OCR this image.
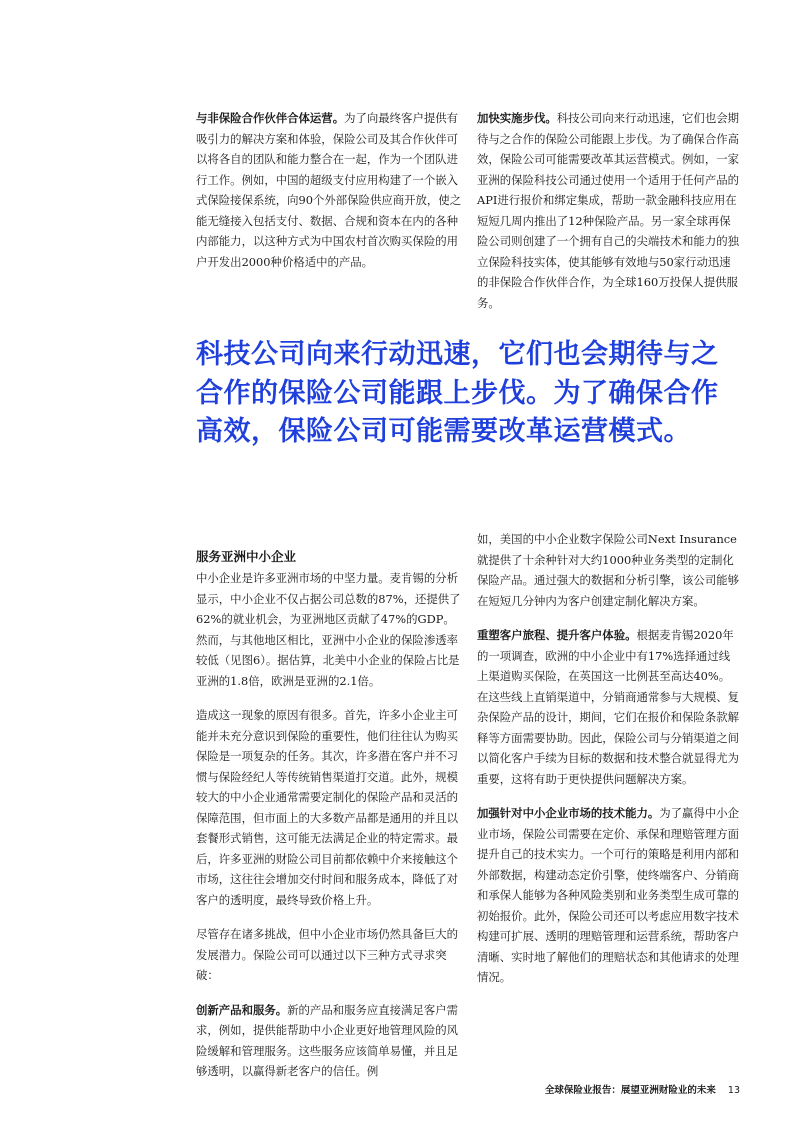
与非保险合作伙伴合体运营。为了向最终客户提供有吸引力的解决方案和体验，保险公司及其合作伙伴可以将各自的团队和能力整合在一起，作为一个团队进行工作。例如，中国的超级支付应用构建了一个嵌入式保险接保系统，向90个外部保险供应商开放，使之能无缝接入包括支付、数据、合规和资本在内的各种内部能力，以这种方式为中国农村首次购买保险的用户开发出2000种价格适中的产品。

加快实施步伐。科技公司向来行动迅速，它们也会期待与之合作的保险公司能跟上步伐。为了确保合作高效，保险公司可能需要改革其运营模式。例如，一家亚洲的保险科技公司通过使用一个适用于任何产品的API进行报价和绑定集成，帮助一款金融科技应用在短短几周内推出了12种保险产品。另一家全球再保险公司则创建了一个拥有自己的尖端技术和能力的独立保险科技实体，使其能够有效地与50家行动迅速的非保险合作伙伴合作，为全球160万投保人提供服务。

科技公司向来行动迅速，它们也会期待与之合作的保险公司能跟上步伐。为了确保合作高效，保险公司可能需要改革运营模式。

服务亚洲中小企业

中小企业是许多亚洲市场的中坚力量。麦肯锡的分析显示，中小企业不仅占据公司总数的87%，还提供了62%的就业机会，为亚洲地区贡献了47%的GDP。然而，与其他地区相比，亚洲中小企业的保险渗透率较低（见图6）。据估算，北美中小企业的保险占比是亚洲的1.8倍，欧洲是亚洲的2.1倍。

造成这一现象的原因有很多。首先，许多小企业主可能并未充分意识到保险的重要性，他们往往认为购买保险是一项复杂的任务。其次，许多潜在客户并不习惯与保险经纪人等传统销售渠道打交道。此外，规模较大的中小企业通常需要定制化的保险产品和灵活的保障范围，但市面上的大多数产品都是通用的并且以套餐形式销售，这可能无法满足企业的特定需求。最后，许多亚洲的财险公司目前都依赖中介来接触这个市场，这往往会增加交付时间和服务成本，降低了对客户的透明度，最终导致价格上升。

尽管存在诸多挑战，但中小企业市场仍然具备巨大的发展潜力。保险公司可以通过以下三种方式寻求突破：

创新产品和服务。新的产品和服务应直接满足客户需求，例如，提供能帮助中小企业更好地管理风险的风险缓解和管理服务。这些服务应该简单易懂，并且足够透明，以赢得新老客户的信任。例

如，美国的中小企业数字保险公司Next Insurance就提供了十余种针对大约1000种业务类型的定制化保险产品。通过强大的数据和分析引擎，该公司能够在短短几分钟内为客户创建定制化解决方案。

重塑客户旅程、提升客户体验。根据麦肯锡2020年的一项调查，欧洲的中小企业中有17%选择通过线上渠道购买保险，在英国这一比例甚至高达40%。在这些线上直销渠道中，分销商通常参与大规模、复杂保险产品的设计，期间，它们在报价和保险条款解释等方面需要协助。因此，保险公司与分销渠道之间以简化客户手续为目标的数据和技术整合就显得尤为重要，这将有助于更快提供问题解决方案。

加强针对中小企业市场的技术能力。为了赢得中小企业市场，保险公司需要在定价、承保和理赔管理方面提升自己的技术实力。一个可行的策略是利用内部和外部数据，构建动态定价引擎，使终端客户、分销商和承保人能够为各种风险类别和业务类型生成可靠的初始报价。此外，保险公司还可以考虑应用数字技术构建可扩展、透明的理赔管理和运营系统，帮助客户清晰、实时地了解他们的理赔状态和其他请求的处理情况。

全球保险业报告：展望亚洲财险业的未来 13
